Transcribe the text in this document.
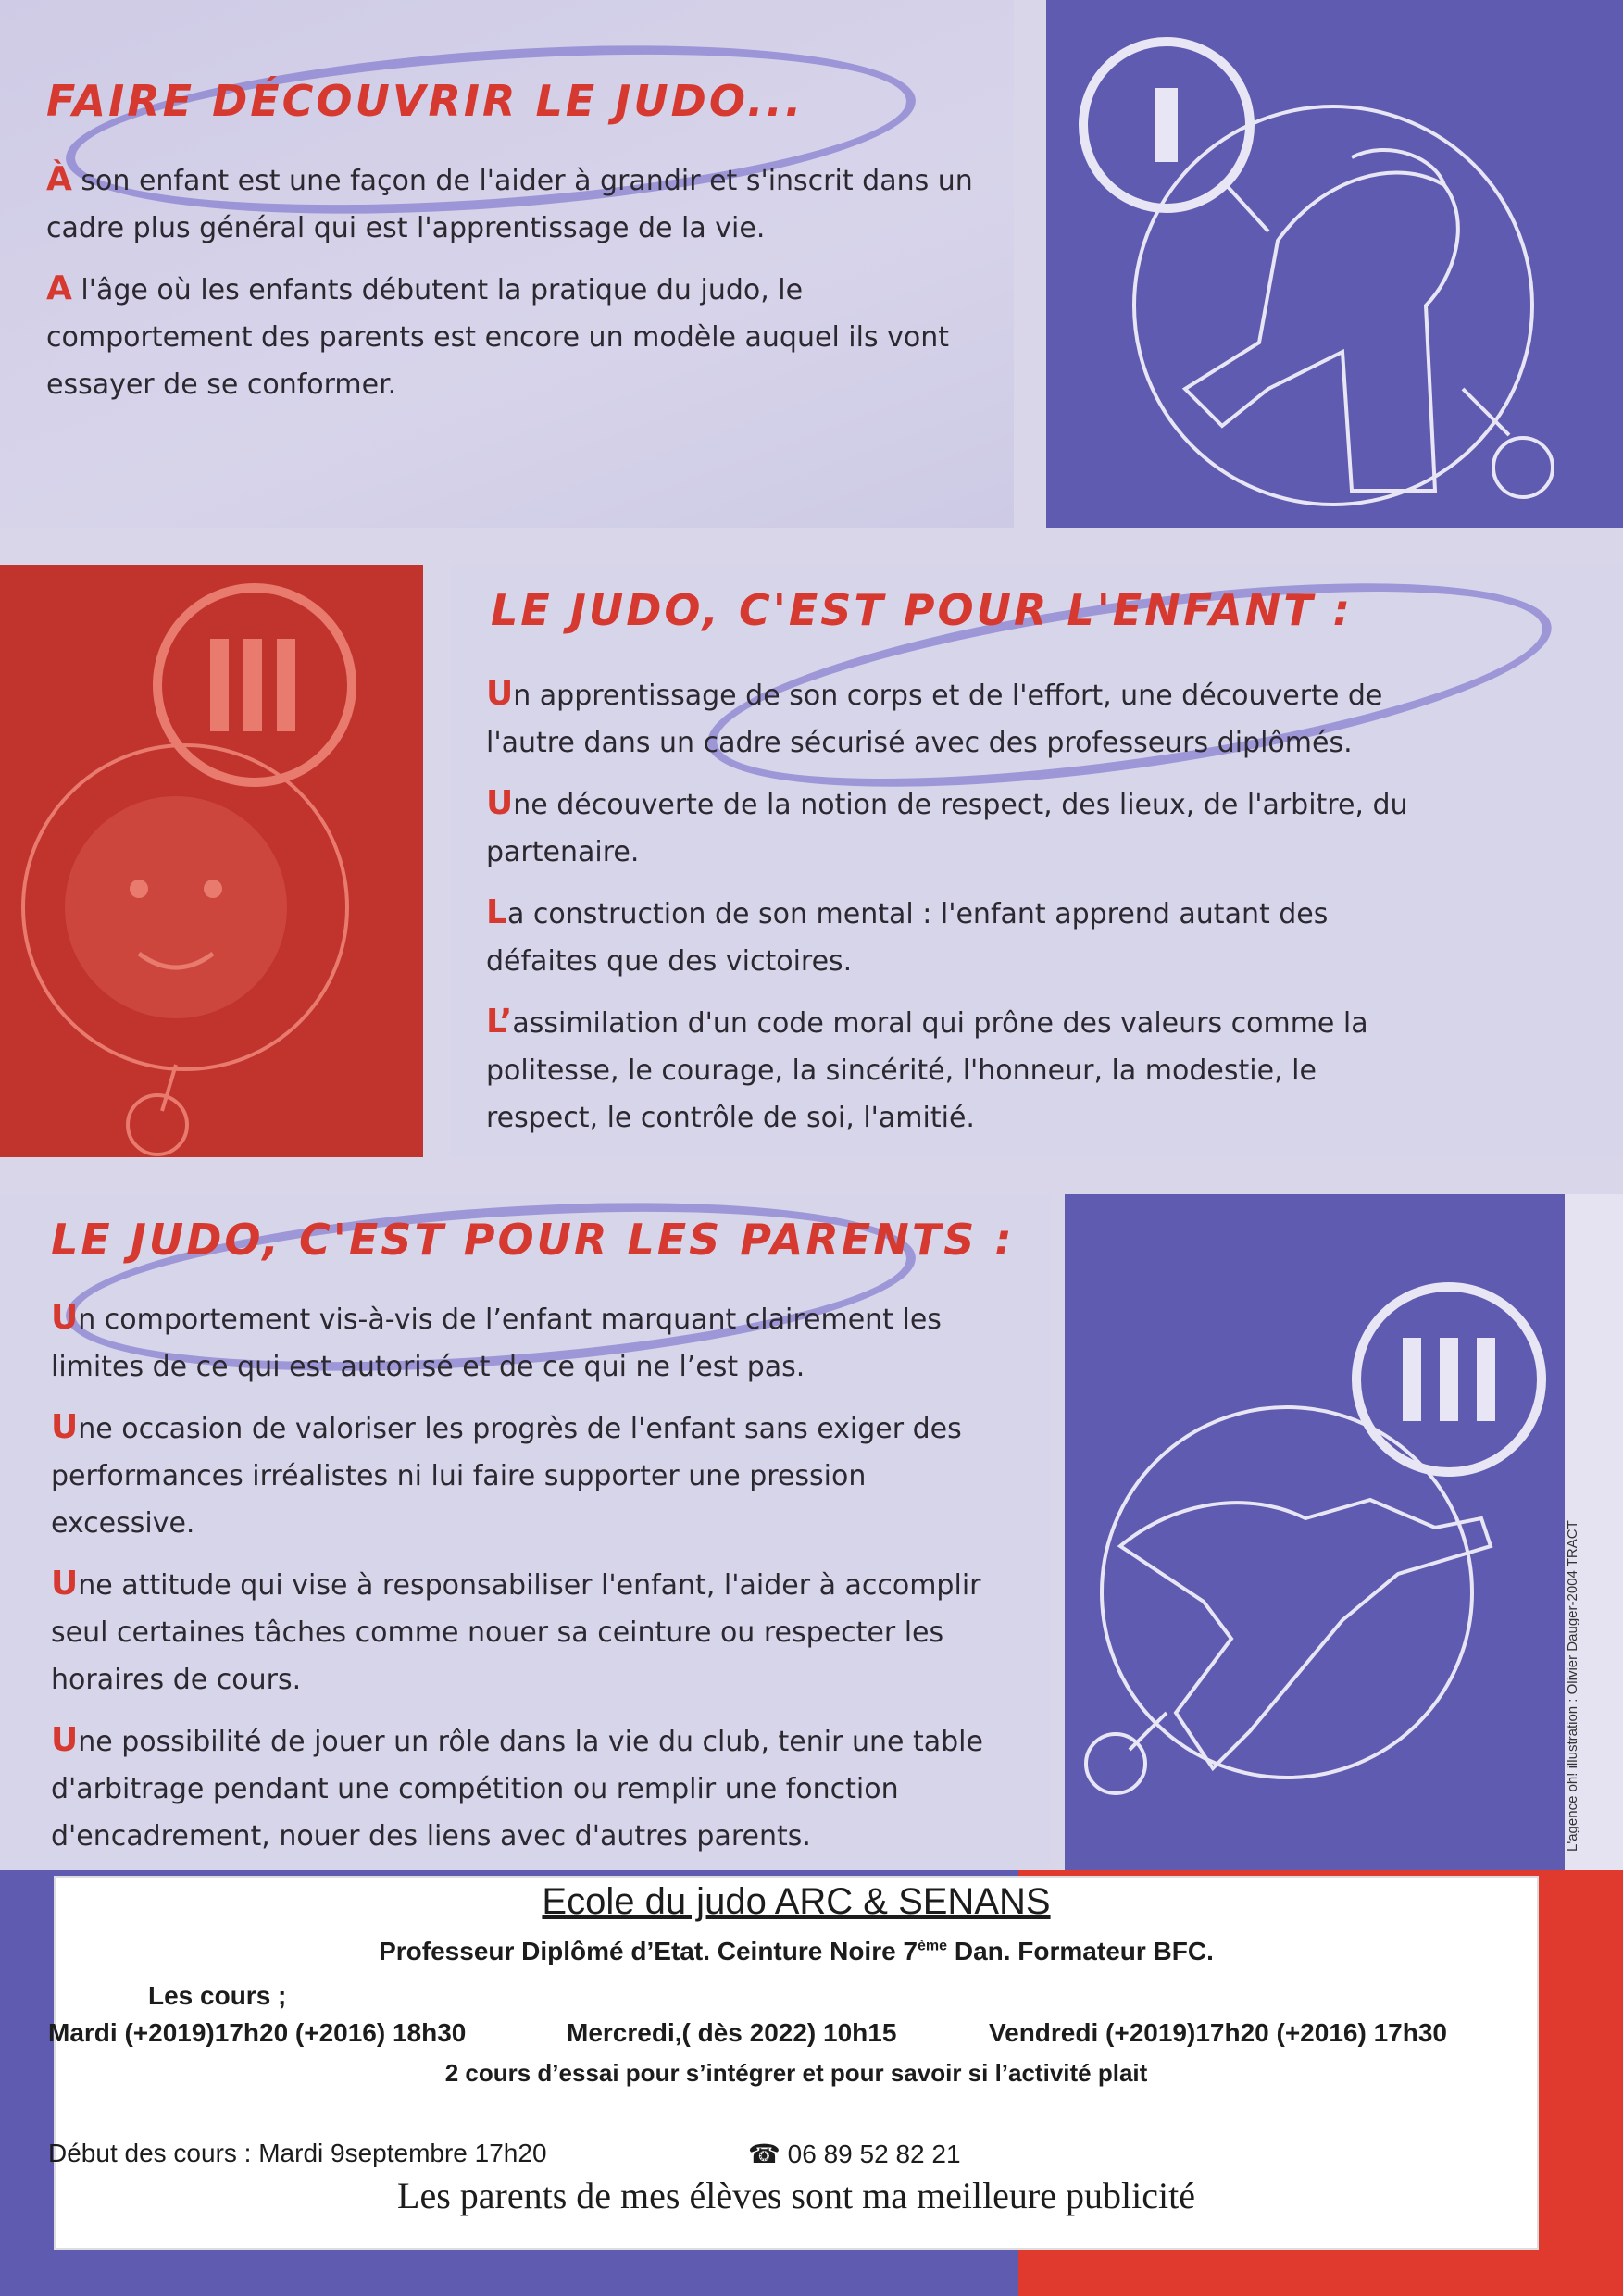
FAIRE DÉCOUVRIR LE JUDO...

À son enfant est une façon de l'aider à grandir et s'inscrit dans un cadre plus général qui est l'apprentissage de la vie.

A l'âge où les enfants débutent la pratique du judo, le comportement des parents est encore un modèle auquel ils vont essayer de se conformer.

LE JUDO, C'EST POUR L'ENFANT :

Un apprentissage de son corps et de l'effort, une découverte de l'autre dans un cadre sécurisé avec des professeurs diplômés.

Une découverte de la notion de respect, des lieux, de l'arbitre, du partenaire.

La construction de son mental : l'enfant apprend autant des défaites que des victoires.

L’assimilation d'un code moral qui prône des valeurs comme la politesse, le courage, la sincérité, l'honneur, la modestie, le respect, le contrôle de soi, l'amitié.

LE JUDO, C'EST POUR LES PARENTS :

Un comportement vis-à-vis de l’enfant marquant clairement les limites de ce qui est autorisé et de ce qui ne l’est pas.

Une occasion de valoriser les progrès de l'enfant sans exiger des performances irréalistes ni lui faire supporter une pression excessive.

Une attitude qui vise à responsabiliser l'enfant, l'aider à accomplir seul certaines tâches comme nouer sa ceinture ou respecter les horaires de cours.

Une possibilité de jouer un rôle dans la vie du club, tenir une table d'arbitrage pendant une compétition ou remplir une fonction d'encadrement, nouer des liens avec d'autres parents.	L'agence oh! illustration : Olivier Dauger-2004 TRACT
Ecole du judo ARC & SENANS
Professeur Diplômé d’Etat. Ceinture Noire 7ème Dan. Formateur BFC.
Les cours ;
Mardi (+2019)17h20 (+2016) 18h30	Mercredi,( dès 2022) 10h15	Vendredi (+2019)17h20 (+2016) 17h30
2 cours d’essai pour s’intégrer et pour savoir si l’activité plait
Début des cours : Mardi 9septembre 17h20	☎ 06 89 52 82 21
Les parents de mes élèves sont ma meilleure publicité
